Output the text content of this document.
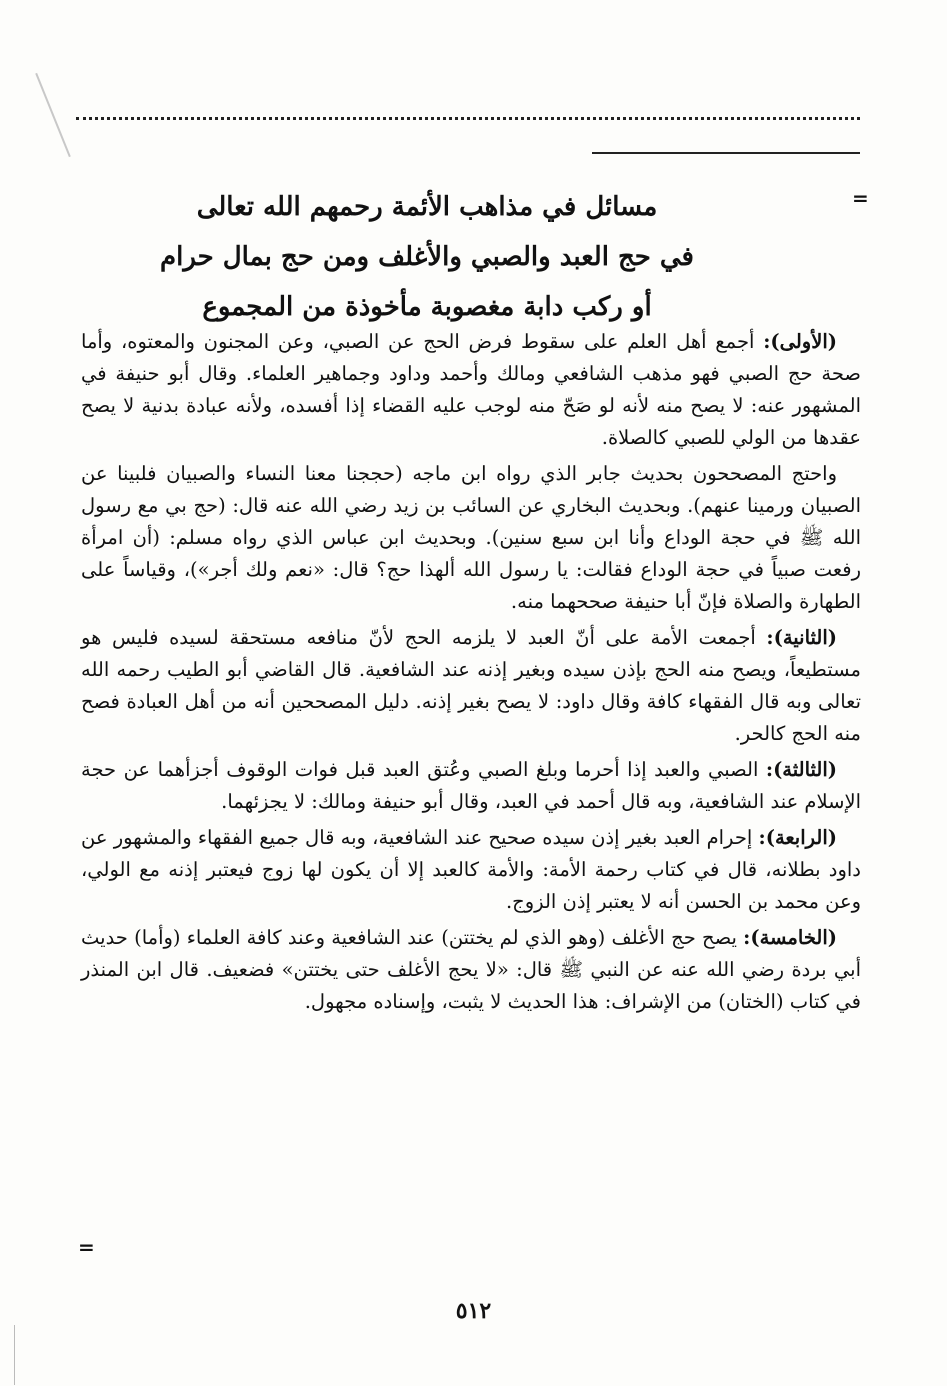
=
مسائل في مذاهب الأئمة رحمهم الله تعالى
في حج العبد والصبي والأغلف ومن حج بمال حرام
أو ركب دابة مغصوبة مأخوذة من المجموع

(الأولى): أجمع أهل العلم على سقوط فرض الحج عن الصبي، وعن المجنون والمعتوه، وأما صحة حج الصبي فهو مذهب الشافعي ومالك وأحمد وداود وجماهير العلماء. وقال أبو حنيفة في المشهور عنه: لا يصح منه لأنه لو صَحّ منه لوجب عليه القضاء إذا أفسده، ولأنه عبادة بدنية لا يصح عقدها من الولي للصبي كالصلاة.

واحتج المصححون بحديث جابر الذي رواه ابن ماجه (حججنا معنا النساء والصبيان فلبينا عن الصبيان ورمينا عنهم). وبحديث البخاري عن السائب بن زيد رضي الله عنه قال: (حج بي مع رسول الله ﷺ في حجة الوداع وأنا ابن سبع سنين). وبحديث ابن عباس الذي رواه مسلم: (أن امرأة رفعت صبياً في حجة الوداع فقالت: يا رسول الله ألهذا حج؟ قال: «نعم ولك أجر»)، وقياساً على الطهارة والصلاة فإنّ أبا حنيفة صححهما منه.

(الثانية): أجمعت الأمة على أنّ العبد لا يلزمه الحج لأنّ منافعه مستحقة لسيده فليس هو مستطيعاً، ويصح منه الحج بإذن سيده وبغير إذنه عند الشافعية. قال القاضي أبو الطيب رحمه الله تعالى وبه قال الفقهاء كافة وقال داود: لا يصح بغير إذنه. دليل المصححين أنه من أهل العبادة فصح منه الحج كالحر.

(الثالثة): الصبي والعبد إذا أحرما وبلغ الصبي وعُتق العبد قبل فوات الوقوف أجزأهما عن حجة الإسلام عند الشافعية، وبه قال أحمد في العبد، وقال أبو حنيفة ومالك: لا يجزئهما.

(الرابعة): إحرام العبد بغير إذن سيده صحيح عند الشافعية، وبه قال جميع الفقهاء والمشهور عن داود بطلانه، قال في كتاب رحمة الأمة: والأمة كالعبد إلا أن يكون لها زوج فيعتبر إذنه مع الولي، وعن محمد بن الحسن أنه لا يعتبر إذن الزوج.

(الخامسة): يصح حج الأغلف (وهو الذي لم يختتن) عند الشافعية وعند كافة العلماء (وأما) حديث أبي بردة رضي الله عنه عن النبي ﷺ قال: «لا يحج الأغلف حتى يختتن» فضعيف. قال ابن المنذر في كتاب (الختان) من الإشراف: هذا الحديث لا يثبت، وإسناده مجهول.

=
٥١٢
